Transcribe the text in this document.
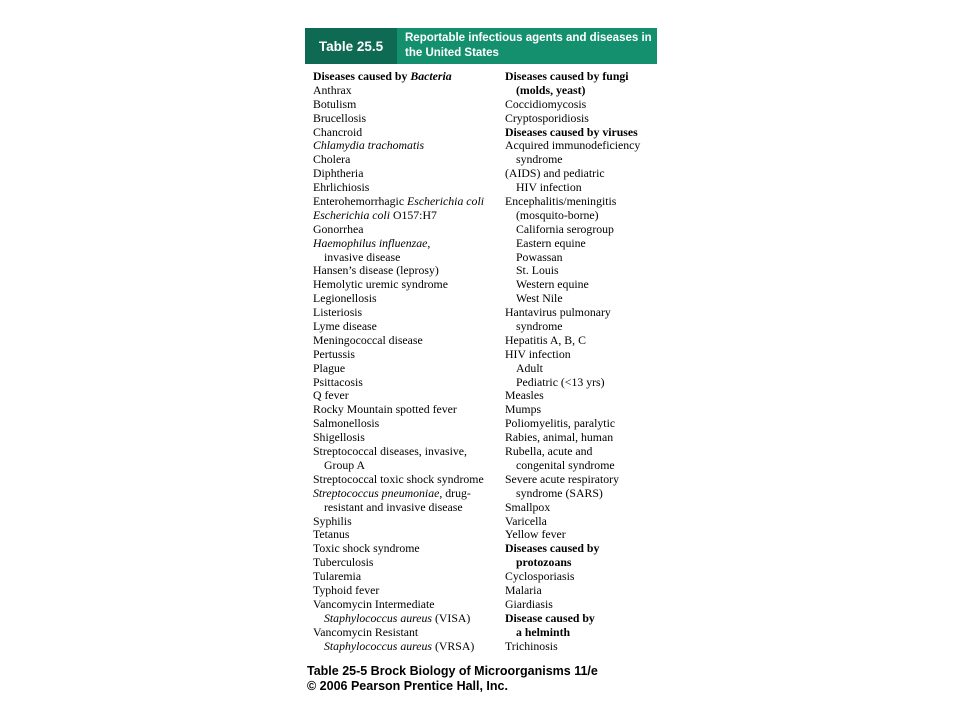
Table 25.5
Reportable infectious agents and diseases in
the United States
Diseases caused by Bacteria
Anthrax
Botulism
Brucellosis
Chancroid
Chlamydia trachomatis
Cholera
Diphtheria
Ehrlichiosis
Enterohemorrhagic Escherichia coli
Escherichia coli O157:H7
Gonorrhea
Haemophilus influenzae,
invasive disease
Hansen’s disease (leprosy)
Hemolytic uremic syndrome
Legionellosis
Listeriosis
Lyme disease
Meningococcal disease
Pertussis
Plague
Psittacosis
Q fever
Rocky Mountain spotted fever
Salmonellosis
Shigellosis
Streptococcal diseases, invasive,
Group A
Streptococcal toxic shock syndrome
Streptococcus pneumoniae, drug-
resistant and invasive disease
Syphilis
Tetanus
Toxic shock syndrome
Tuberculosis
Tularemia
Typhoid fever
Vancomycin Intermediate
Staphylococcus aureus (VISA)
Vancomycin Resistant
Staphylococcus aureus (VRSA)
Diseases caused by fungi
(molds, yeast)
Coccidiomycosis
Cryptosporidiosis
Diseases caused by viruses
Acquired immunodeficiency
syndrome
(AIDS) and pediatric
HIV infection
Encephalitis/meningitis
(mosquito-borne)
California serogroup
Eastern equine
Powassan
St. Louis
Western equine
West Nile
Hantavirus pulmonary
syndrome
Hepatitis A, B, C
HIV infection
Adult
Pediatric (<13 yrs)
Measles
Mumps
Poliomyelitis, paralytic
Rabies, animal, human
Rubella, acute and
congenital syndrome
Severe acute respiratory
syndrome (SARS)
Smallpox
Varicella
Yellow fever
Diseases caused by
protozoans
Cyclosporiasis
Malaria
Giardiasis
Disease caused by
a helminth
Trichinosis
Table 25-5 Brock Biology of Microorganisms 11/e
© 2006 Pearson Prentice Hall, Inc.
